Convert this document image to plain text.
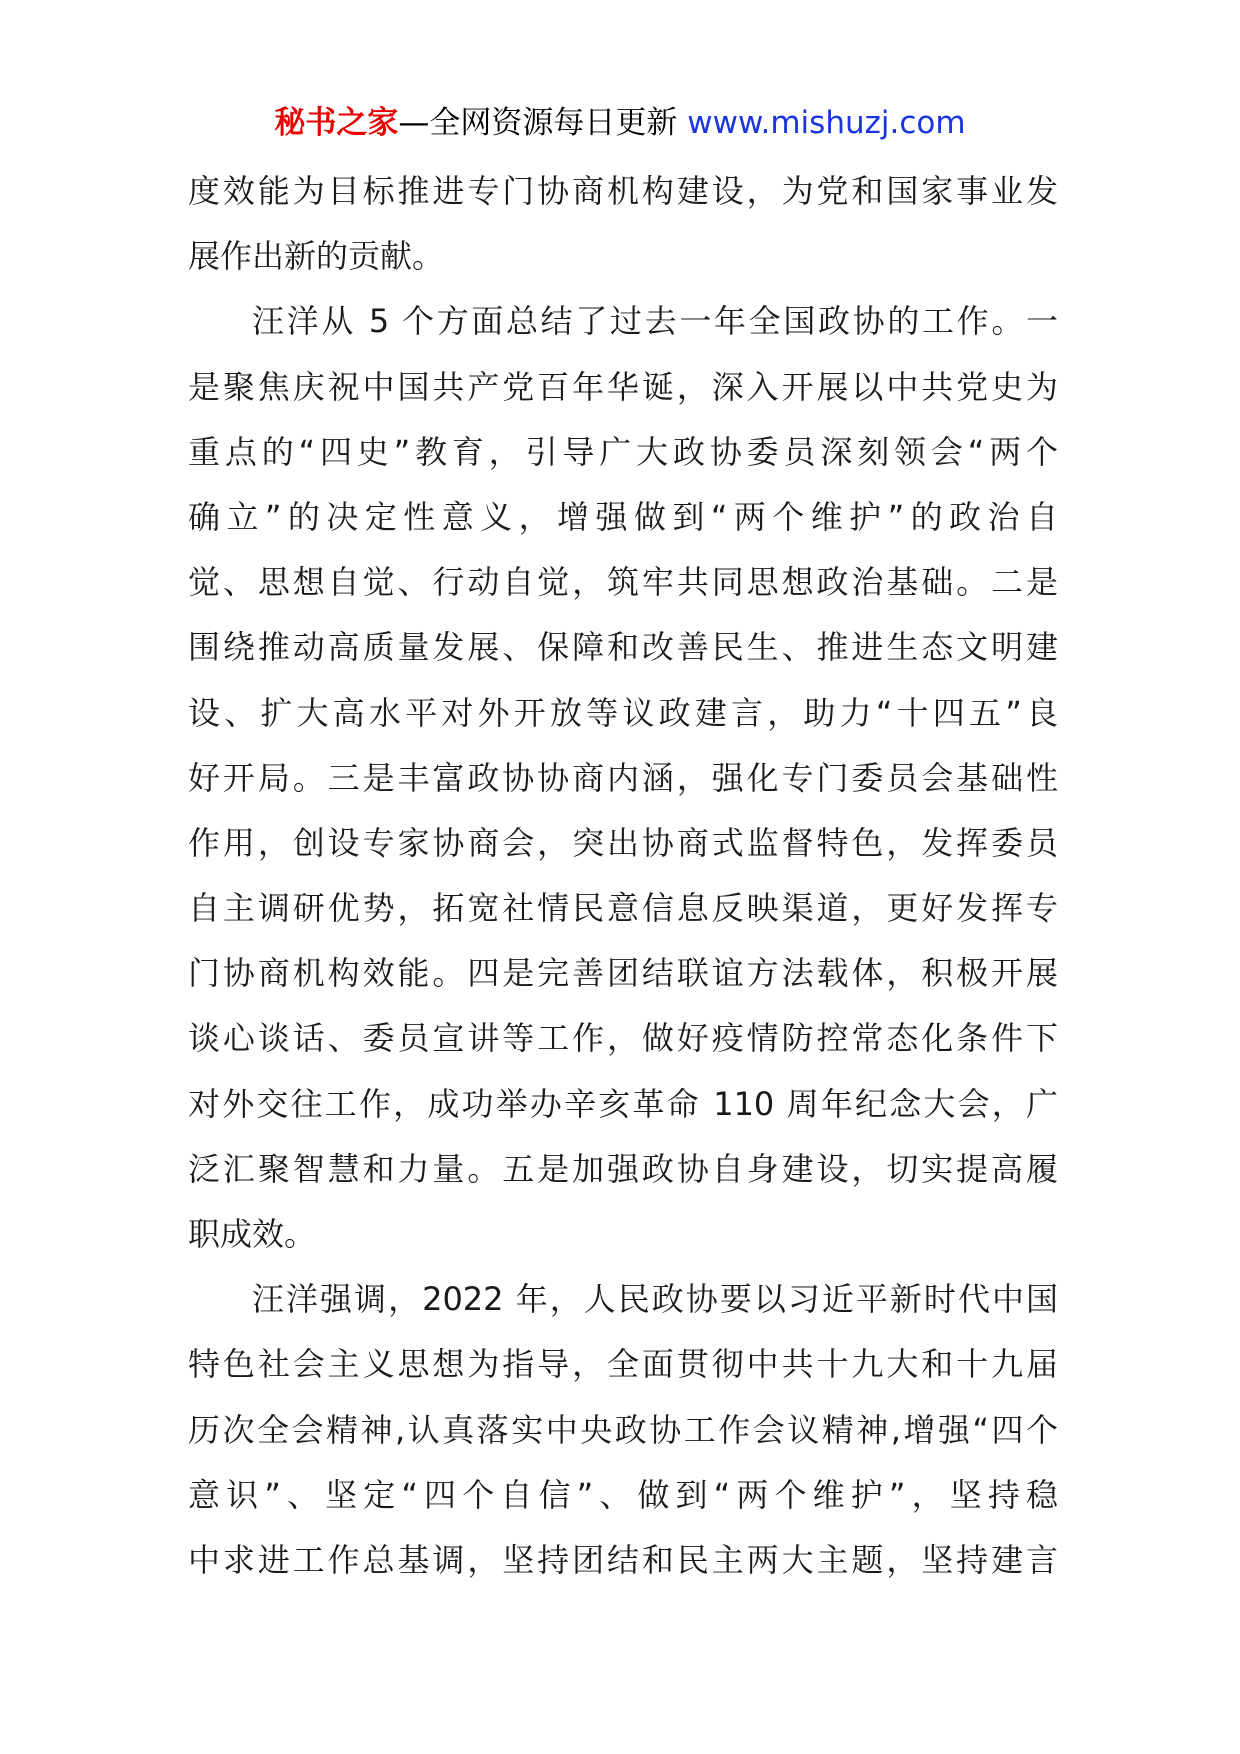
秘书之家—全网资源每日更新 www.mishuzj.com
度效能为目标推进专门协商机构建设，为党和国家事业发
展作出新的贡献。
汪洋从 5 个方面总结了过去一年全国政协的工作。一
是聚焦庆祝中国共产党百年华诞，深入开展以中共党史为
重点的“四史”教育，引导广大政协委员深刻领会“两个
确立”的决定性意义，增强做到“两个维护”的政治自
觉、思想自觉、行动自觉，筑牢共同思想政治基础。二是
围绕推动高质量发展、保障和改善民生、推进生态文明建
设、扩大高水平对外开放等议政建言，助力“十四五”良
好开局。三是丰富政协协商内涵，强化专门委员会基础性
作用，创设专家协商会，突出协商式监督特色，发挥委员
自主调研优势，拓宽社情民意信息反映渠道，更好发挥专
门协商机构效能。四是完善团结联谊方法载体，积极开展
谈心谈话、委员宣讲等工作，做好疫情防控常态化条件下
对外交往工作，成功举办辛亥革命 110 周年纪念大会，广
泛汇聚智慧和力量。五是加强政协自身建设，切实提高履
职成效。
汪洋强调，2022 年，人民政协要以习近平新时代中国
特色社会主义思想为指导，全面贯彻中共十九大和十九届
历次全会精神,认真落实中央政协工作会议精神,增强“四个
意识”、坚定“四个自信”、做到“两个维护”，坚持稳
中求进工作总基调，坚持团结和民主两大主题，坚持建言
